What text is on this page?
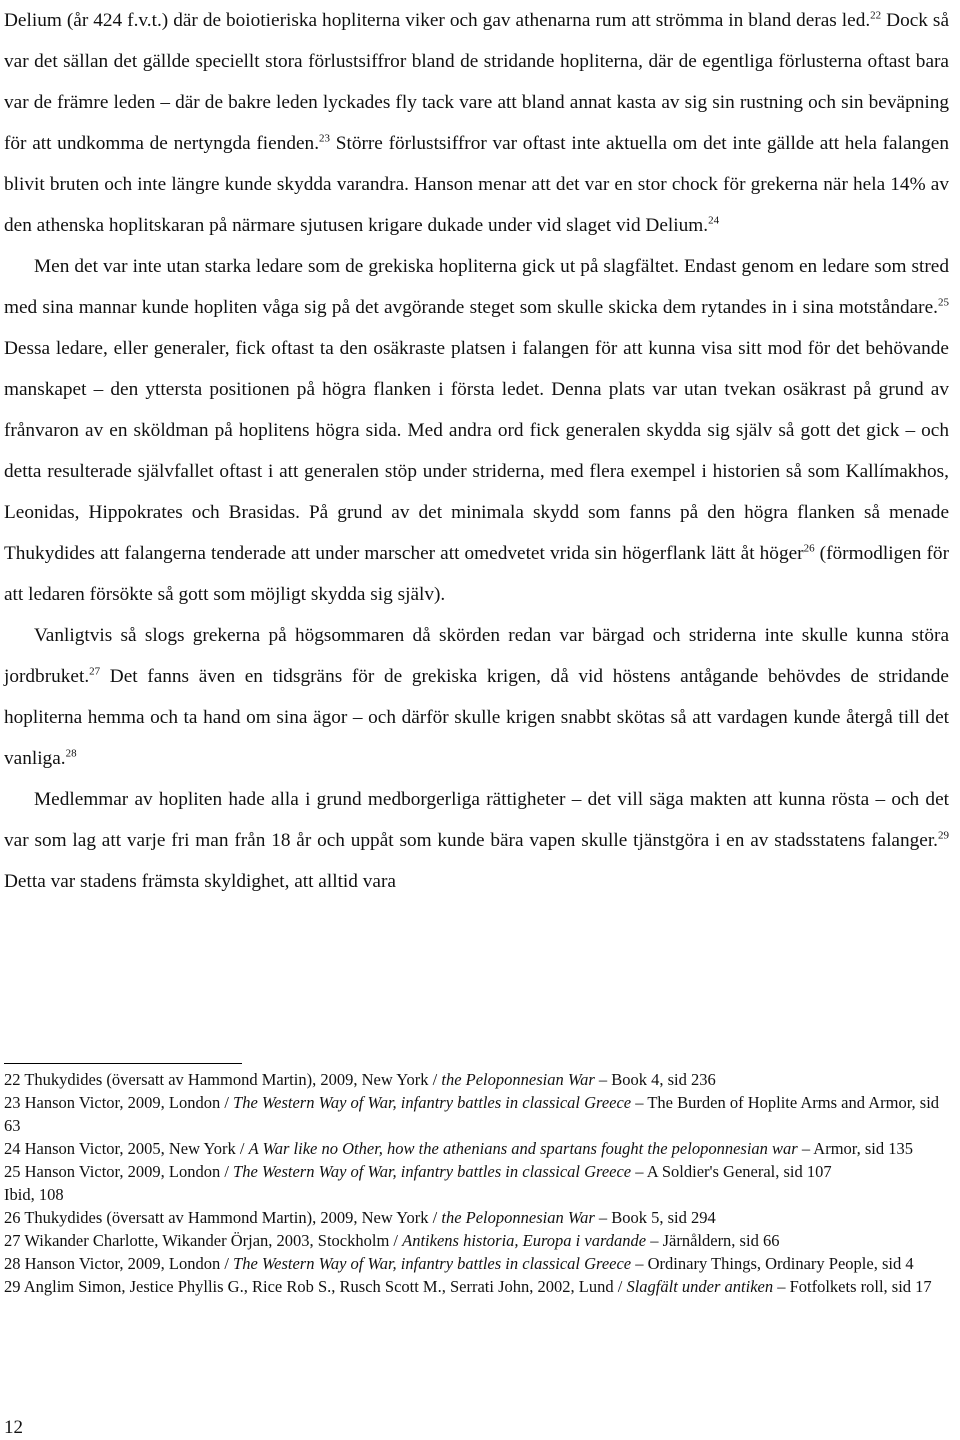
Delium (år 424 f.v.t.) där de boiotieriska hopliterna viker och gav athenarna rum att strömma in bland deras led.$^{22}$ Dock så var det sällan det gällde speciellt stora förlustsiffror bland de stridande hopliterna, där de egentliga förlusterna oftast bara var de främre leden – där de bakre leden lyckades fly tack vare att bland annat kasta av sig sin rustning och sin beväpning för att undkomma de nertyngda fienden.$^{23}$ Större förlustsiffror var oftast inte aktuella om det inte gällde att hela falangen blivit bruten och inte längre kunde skydda varandra. Hanson menar att det var en stor chock för grekerna när hela 14% av den athenska hoplitskaran på närmare sjutusen krigare dukade under vid slaget vid Delium.$^{24}$

Men det var inte utan starka ledare som de grekiska hopliterna gick ut på slagfältet. Endast genom en ledare som stred med sina mannar kunde hopliten våga sig på det avgörande steget som skulle skicka dem rytandes in i sina motståndare.$^{25}$ Dessa ledare, eller generaler, fick oftast ta den osäkraste platsen i falangen för att kunna visa sitt mod för det behövande manskapet – den yttersta positionen på högra flanken i första ledet. Denna plats var utan tvekan osäkrast på grund av frånvaron av en sköldman på hoplitens högra sida. Med andra ord fick generalen skydda sig själv så gott det gick – och detta resulterade självfallet oftast i att generalen stöp under striderna, med flera exempel i historien så som Kallímakhos, Leonidas, Hippokrates och Brasidas. På grund av det minimala skydd som fanns på den högra flanken så menade Thukydides att falangerna tenderade att under marscher att omedvetet vrida sin högerflank lätt åt höger$^{26}$ (förmodligen för att ledaren försökte så gott som möjligt skydda sig själv).

Vanligtvis så slogs grekerna på högsommaren då skörden redan var bärgad och striderna inte skulle kunna störa jordbruket.$^{27}$ Det fanns även en tidsgräns för de grekiska krigen, då vid höstens antågande behövdes de stridande hopliterna hemma och ta hand om sina ägor – och därför skulle krigen snabbt skötas så att vardagen kunde återgå till det vanliga.$^{28}$

Medlemmar av hopliten hade alla i grund medborgerliga rättigheter – det vill säga makten att kunna rösta – och det var som lag att varje fri man från 18 år och uppåt som kunde bära vapen skulle tjänstgöra i en av stadsstatens falanger.$^{29}$ Detta var stadens främsta skyldighet, att alltid vara

22 Thukydides (översatt av Hammond Martin), 2009, New York / the Peloponnesian War – Book 4, sid 236
23 Hanson Victor, 2009, London / The Western Way of War, infantry battles in classical Greece – The Burden of Hoplite Arms and Armor, sid 63
24 Hanson Victor, 2005, New York / A War like no Other, how the athenians and spartans fought the peloponnesian war – Armor, sid 135
25 Hanson Victor, 2009, London / The Western Way of War, infantry battles in classical Greece – A Soldier's General, sid 107
Ibid, 108
26 Thukydides (översatt av Hammond Martin), 2009, New York / the Peloponnesian War – Book 5, sid 294
27 Wikander Charlotte, Wikander Örjan, 2003, Stockholm / Antikens historia, Europa i vardande – Järnåldern, sid 66
28 Hanson Victor, 2009, London / The Western Way of War, infantry battles in classical Greece – Ordinary Things, Ordinary People, sid 4
29 Anglim Simon, Jestice Phyllis G., Rice Rob S., Rusch Scott M., Serrati John, 2002, Lund / Slagfält under antiken – Fotfolkets roll, sid 17
12
